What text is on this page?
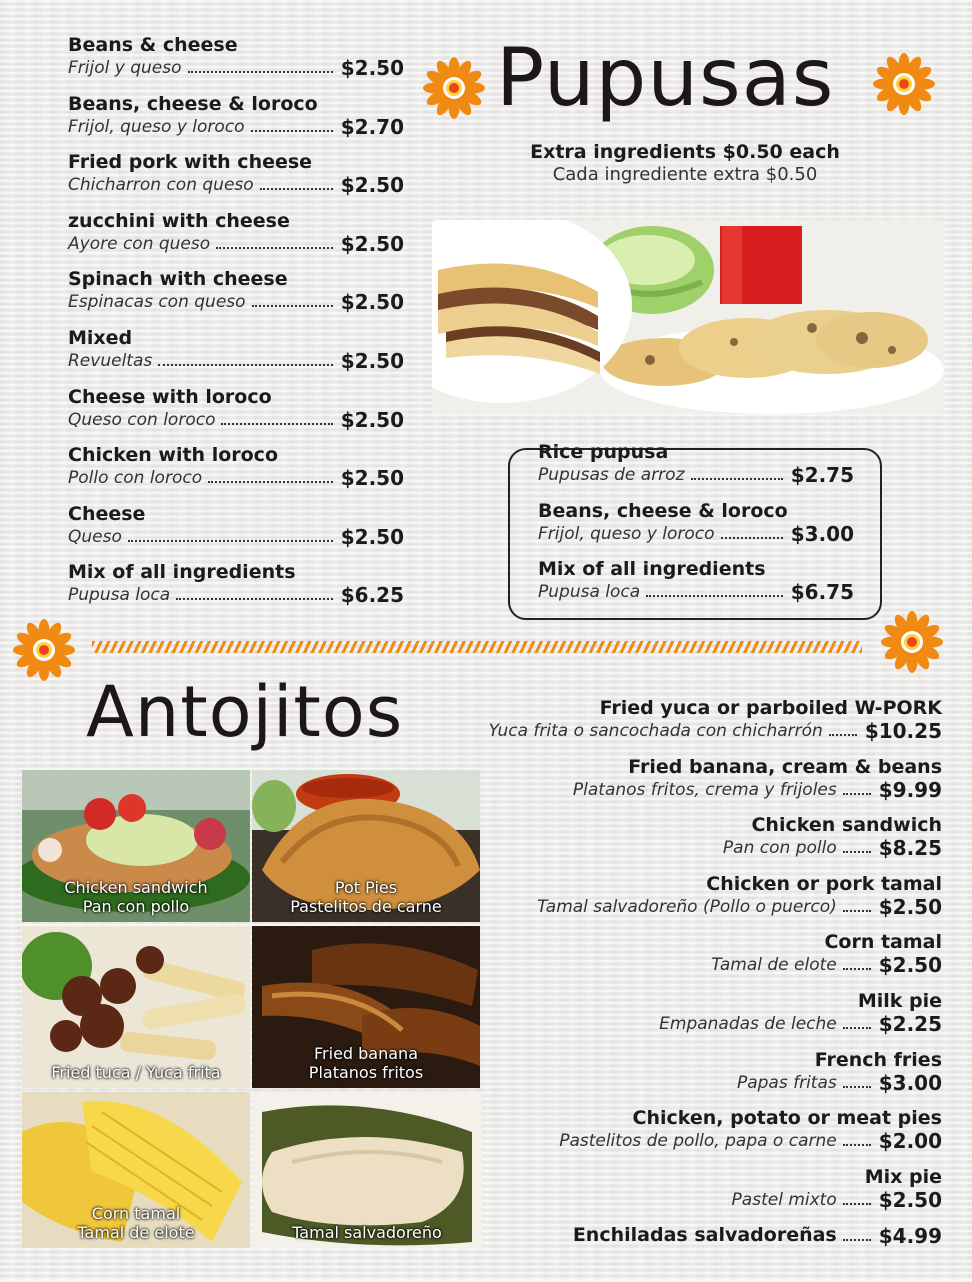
Pupusas
Extra ingredients $0.50 each
Cada ingrediente extra $0.50
Beans & cheese
Frijol y queso	$2.50
Beans, cheese & loroco
Frijol, queso y loroco	$2.70
Fried pork with cheese
Chicharron con queso	$2.50
zucchini with cheese
Ayore con queso	$2.50
Spinach with cheese
Espinacas con queso	$2.50
Mixed
Revueltas	$2.50
Cheese with loroco
Queso con loroco	$2.50
Chicken with loroco
Pollo con loroco	$2.50
Cheese
Queso	$2.50
Mix of all ingredients
Pupusa loca	$6.25
Rice pupusa
Pupusas de arroz	$2.75
Beans, cheese & loroco
Frijol, queso y loroco	$3.00
Mix of all ingredients
Pupusa loca	$6.75
Antojitos	Fried yuca or parboiled W-PORK
Yuca frita o sancochada con chicharrón $10.25
Fried banana, cream & beans
Platanos fritos, crema y frijoles $9.99
Chicken sandwich
Pan con pollo $8.25
Chicken or pork tamal
Tamal salvadoreño (Pollo o puerco) $2.50
Corn tamal
Tamal de elote $2.50
Milk pie
Empanadas de leche $2.25
French fries
Papas fritas $3.00
Chicken, potato or meat pies
Pastelitos de pollo, papa o carne $2.00
Mix pie
Pastel mixto $2.50
Enchiladas salvadoreñas $4.99
Chicken sandwich
Pan con pollo
Pot Pies
Pastelitos de carne
Fried tuca / Yuca frita
Fried banana
Platanos fritos
Corn tamal
Tamal de elote	Tamal salvadoreño
